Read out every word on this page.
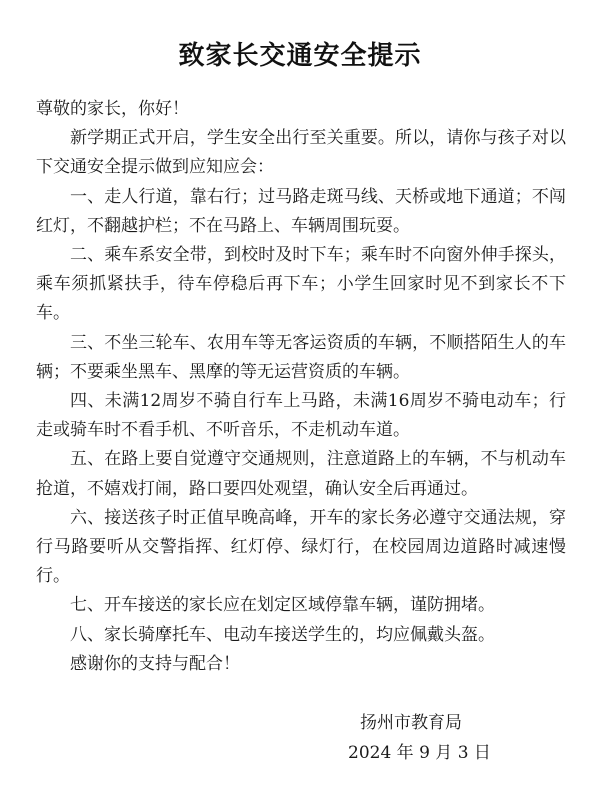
致家长交通安全提示

尊敬的家长，你好！

新学期正式开启，学生安全出行至关重要。所以，请你与孩子对以下交通安全提示做到应知应会：

一、走人行道，靠右行；过马路走斑马线、天桥或地下通道；不闯红灯，不翻越护栏；不在马路上、车辆周围玩耍。

二、乘车系安全带，到校时及时下车；乘车时不向窗外伸手探头，乘车须抓紧扶手，待车停稳后再下车；小学生回家时见不到家长不下车。

三、不坐三轮车、农用车等无客运资质的车辆，不顺搭陌生人的车辆；不要乘坐黑车、黑摩的等无运营资质的车辆。

四、未满12周岁不骑自行车上马路，未满16周岁不骑电动车；行走或骑车时不看手机、不听音乐，不走机动车道。

五、在路上要自觉遵守交通规则，注意道路上的车辆，不与机动车抢道，不嬉戏打闹，路口要四处观望，确认安全后再通过。

六、接送孩子时正值早晚高峰，开车的家长务必遵守交通法规，穿行马路要听从交警指挥、红灯停、绿灯行，在校园周边道路时减速慢行。

七、开车接送的家长应在划定区域停靠车辆，谨防拥堵。

八、家长骑摩托车、电动车接送学生的，均应佩戴头盔。

感谢你的支持与配合！

扬州市教育局
2024 年 9 月 3 日
